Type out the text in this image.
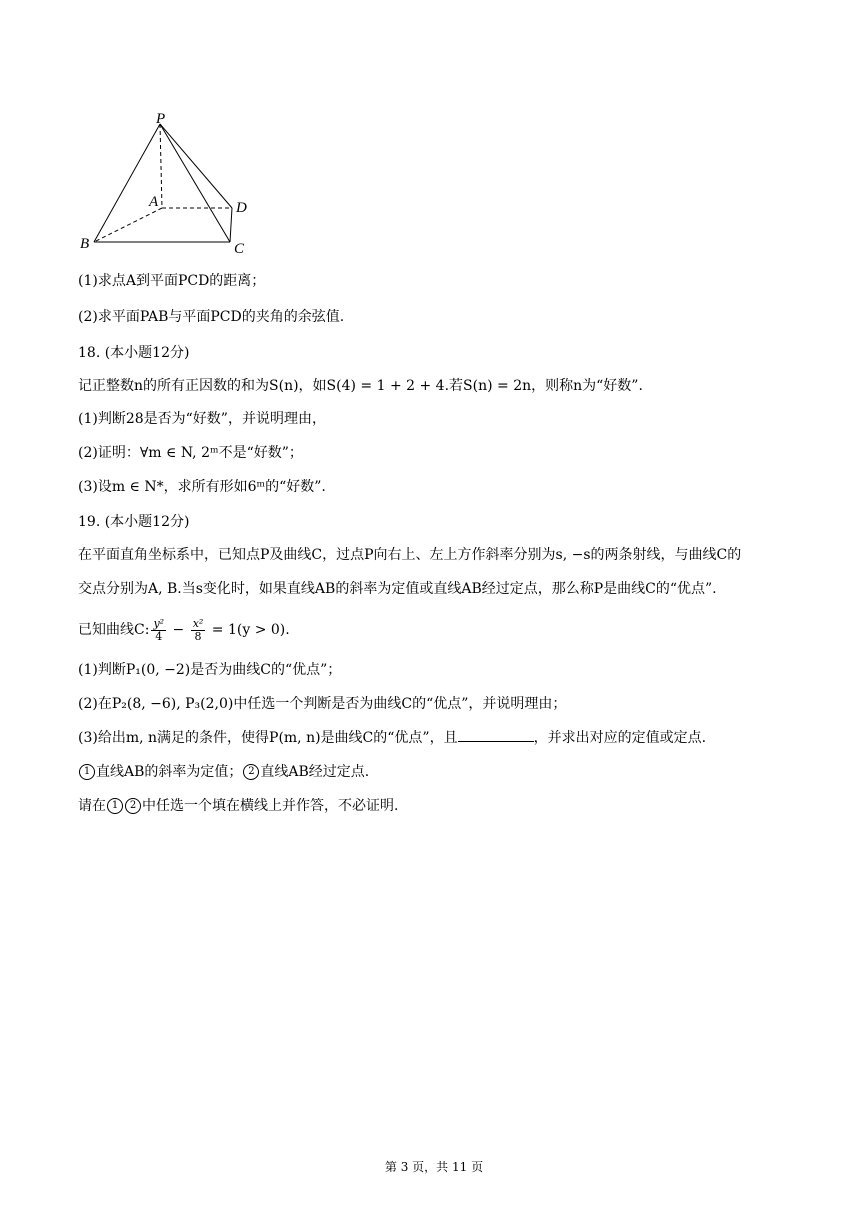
P
A	D
B	C
(1)求点A到平面PCD的距离；
(2)求平面PAB与平面PCD的夹角的余弦值.
18. (本小题12分)
记正整数n的所有正因数的和为S(n)，如S(4) = 1 + 2 + 4.若S(n) = 2n，则称n为“好数”.
(1)判断28是否为“好数”，并说明理由，
(2)证明：∀m ∈ N, 2ᵐ不是“好数”；
(3)设m ∈ N*，求所有形如6ᵐ的“好数”.
19. (本小题12分)
在平面直角坐标系中，已知点P及曲线C，过点P向右上、左上方作斜率分别为s, −s的两条射线，与曲线C的
交点分别为A, B.当s变化时，如果直线AB的斜率为定值或直线AB经过定点，那么称P是曲线C的“优点”.
已知曲线C: $\frac{\text{y²}}{4} - \frac{\text{x²}}{8} = 1(y > 0)$.
(1)判断P₁(0, −2)是否为曲线C的“优点”；
(2)在P₂(8, −6), P₃(2,0)中任选一个判断是否为曲线C的“优点”，并说明理由；
(3)给出m, n满足的条件，使得P(m, n)是曲线C的“优点”，且	，并求出对应的定值或定点.
1 直线AB的斜率为定值； 2 直线AB经过定点.
请在 1 2 中任选一个填在横线上并作答，不必证明.
第 3 页，共 11 页
